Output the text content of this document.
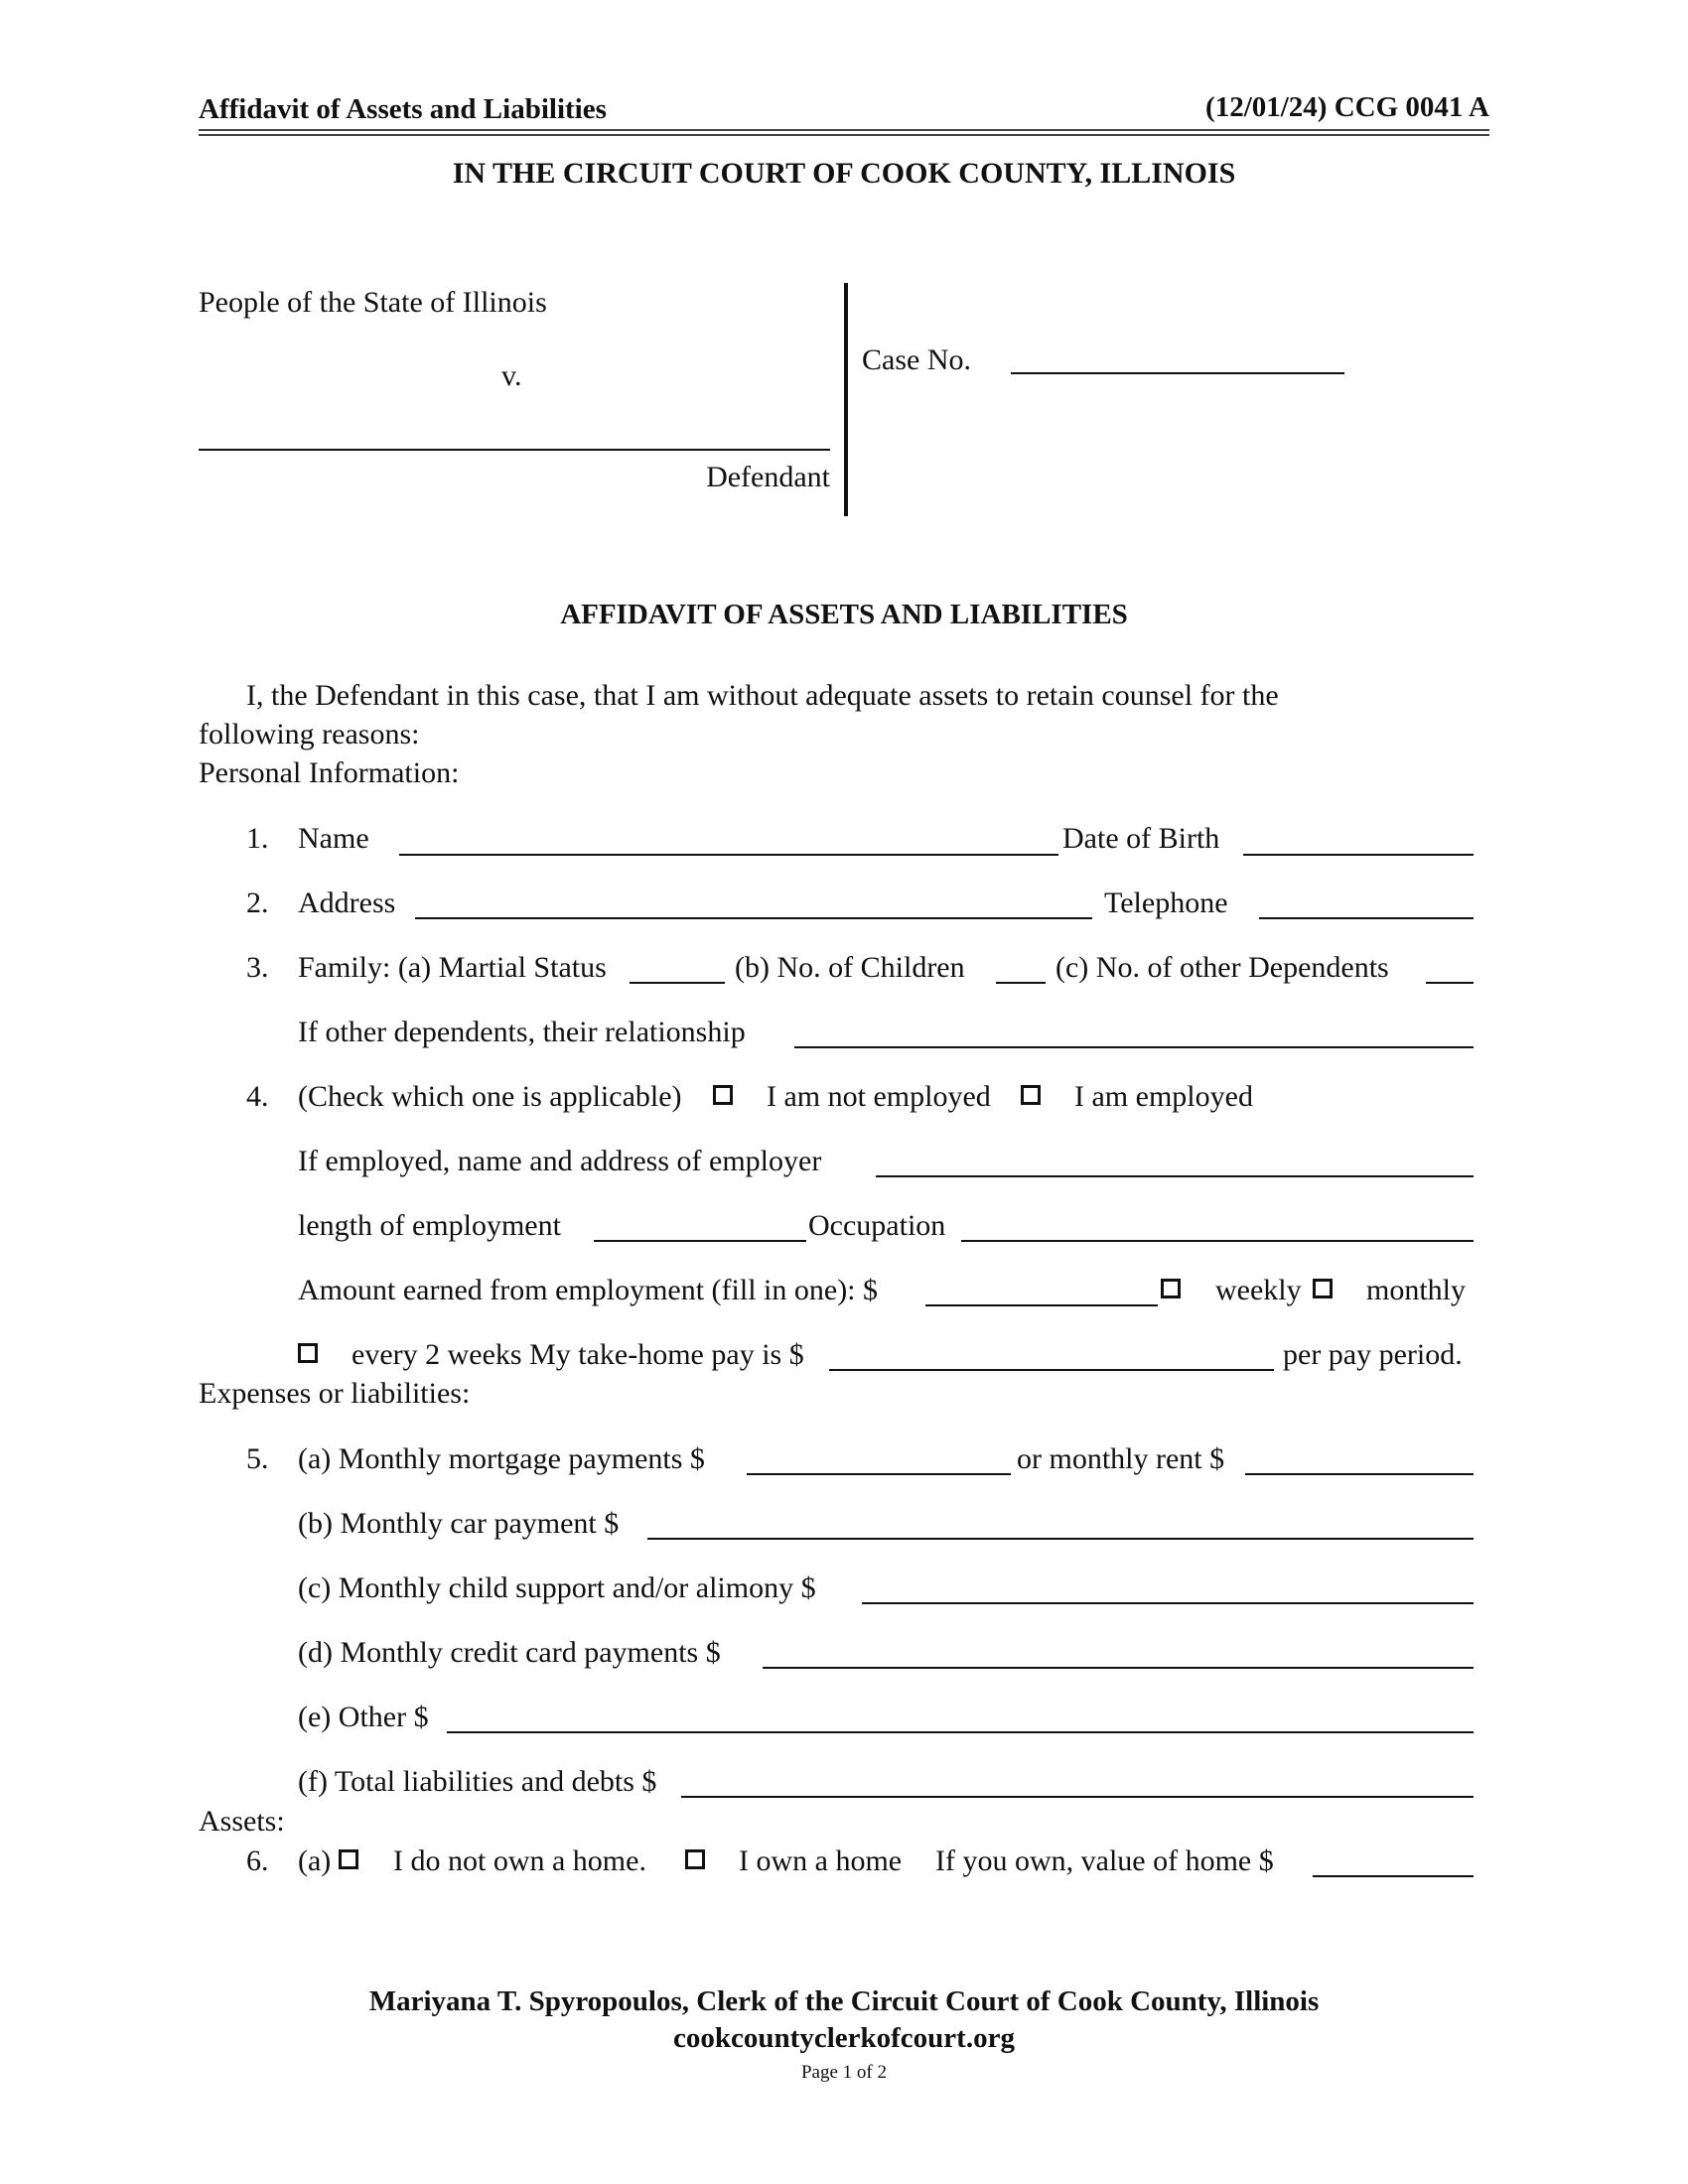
Affidavit of Assets and Liabilities	(12/01/24) CCG 0041 A
IN THE CIRCUIT COURT OF COOK COUNTY, ILLINOIS
People of the State of Illinois
v.
Defendant
Case No.
AFFIDAVIT OF ASSETS AND LIABILITIES
I, the Defendant in this case, that I am without adequate assets to retain counsel for the
following reasons:
Personal Information:
1. Name	Date of Birth
2. Address	Telephone
3. Family: (a) Martial Status	(b) No. of Children	(c) No. of other Dependents
If other dependents, their relationship
4. (Check which one is applicable)	I am not employed	I am employed
If employed, name and address of employer
length of employment	Occupation
Amount earned from employment (fill in one): $	weekly monthly
every 2 weeks My take-home pay is $	per pay period.
Expenses or liabilities:
5. (a) Monthly mortgage payments $	or monthly rent $
(b) Monthly car payment $
(c) Monthly child support and/or alimony $
(d) Monthly credit card payments $
(e) Other $
(f) Total liabilities and debts $
Assets:
6. (a) I do not own a home.	I own a home If you own, value of home $
Mariyana T. Spyropoulos, Clerk of the Circuit Court of Cook County, Illinois
cookcountyclerkofcourt.org
Page 1 of 2
